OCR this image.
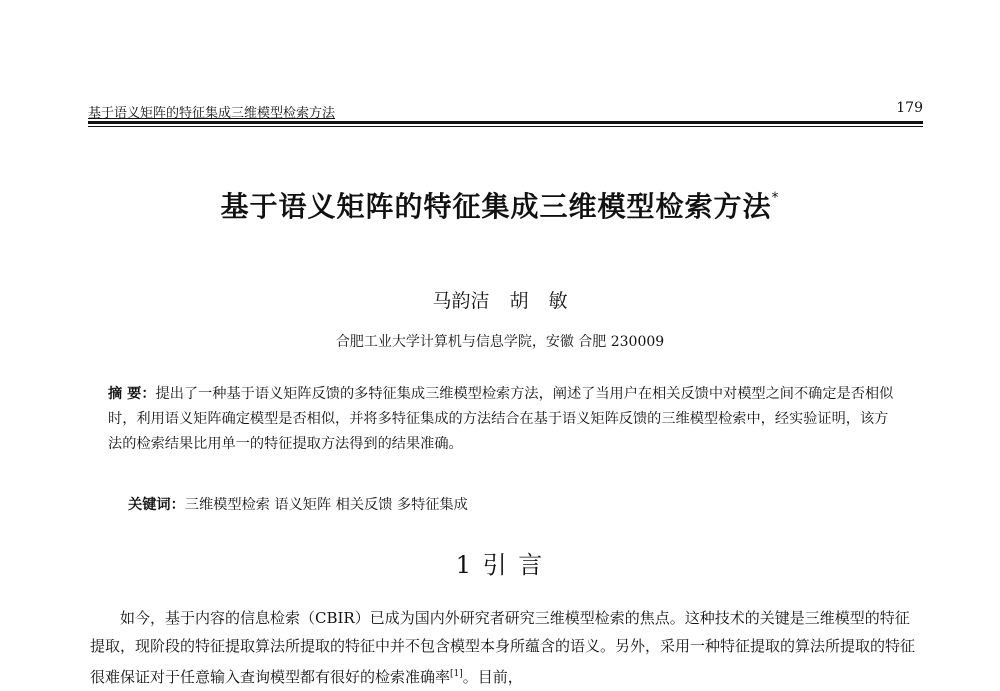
基于语义矩阵的特征集成三维模型检索方法	179
基于语义矩阵的特征集成三维模型检索方法*
马韵洁 胡 敏
合肥工业大学计算机与信息学院，安徽 合肥 230009
摘 要：提出了一种基于语义矩阵反馈的多特征集成三维模型检索方法，阐述了当用户在相关反馈中对模型之间不确定是否相似时，利用语义矩阵确定模型是否相似，并将多特征集成的方法结合在基于语义矩阵反馈的三维模型检索中，经实验证明，该方法的检索结果比用单一的特征提取方法得到的结果准确。
关键词：三维模型检索 语义矩阵 相关反馈 多特征集成
1 引 言

如今，基于内容的信息检索（CBIR）已成为国内外研究者研究三维模型检索的焦点。这种技术的关键是三维模型的特征提取，现阶段的特征提取算法所提取的特征中并不包含模型本身所蕴含的语义。另外，采用一种特征提取的算法所提取的特征很难保证对于任意输入查询模型都有很好的检索准确率[1]。目前，
